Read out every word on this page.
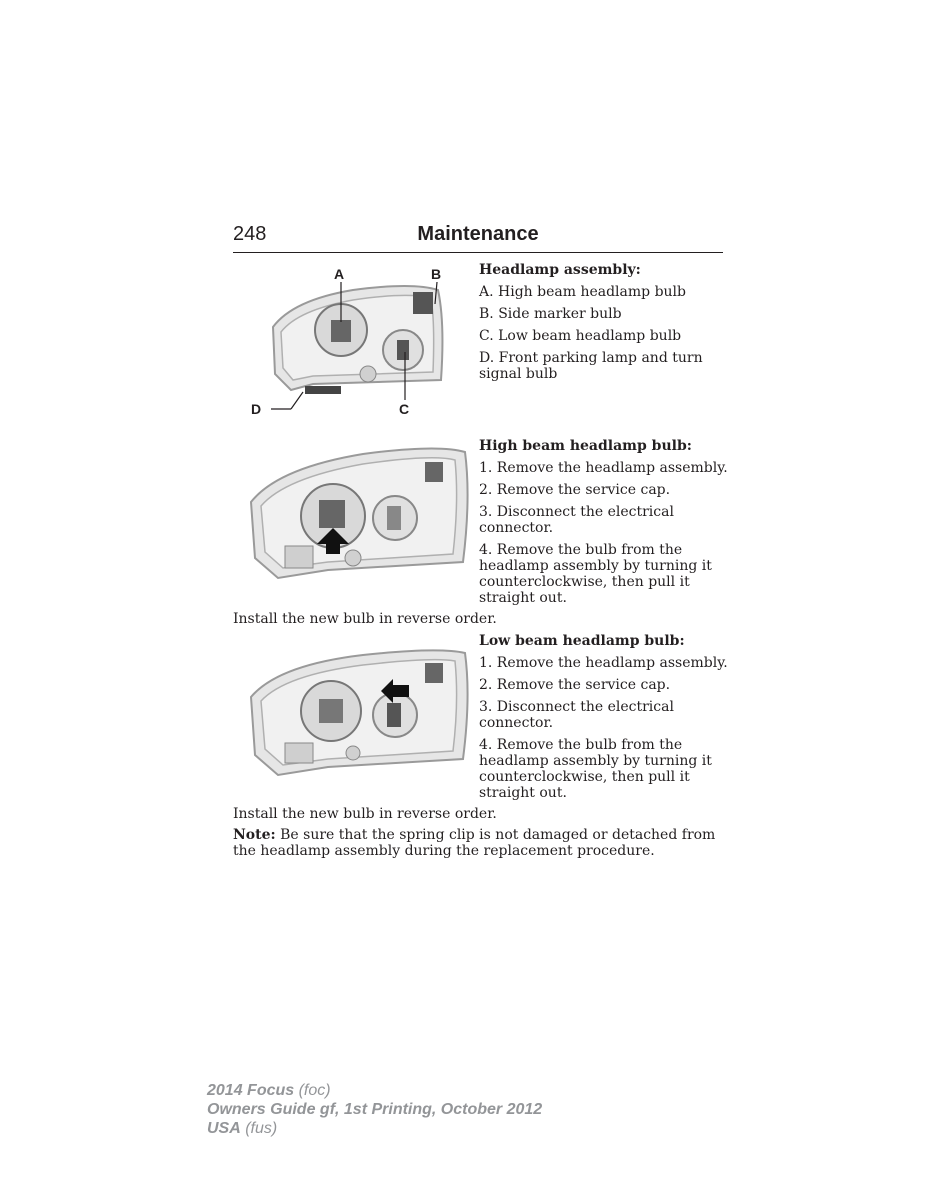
248	Maintenance
A	B
C
D
Headlamp assembly:
A. High beam headlamp bulb
B. Side marker bulb
C. Low beam headlamp bulb
D. Front parking lamp and turn signal bulb
High beam headlamp bulb:
1. Remove the headlamp assembly.
2. Remove the service cap.
3. Disconnect the electrical connector.
4. Remove the bulb from the headlamp assembly by turning it counterclockwise, then pull it straight out.
Install the new bulb in reverse order.
Low beam headlamp bulb:
1. Remove the headlamp assembly.
2. Remove the service cap.
3. Disconnect the electrical connector.
4. Remove the bulb from the headlamp assembly by turning it counterclockwise, then pull it straight out.
Install the new bulb in reverse order.
Note: Be sure that the spring clip is not damaged or detached from the headlamp assembly during the replacement procedure.
2014 Focus (foc)
Owners Guide gf, 1st Printing, October 2012
USA (fus)
